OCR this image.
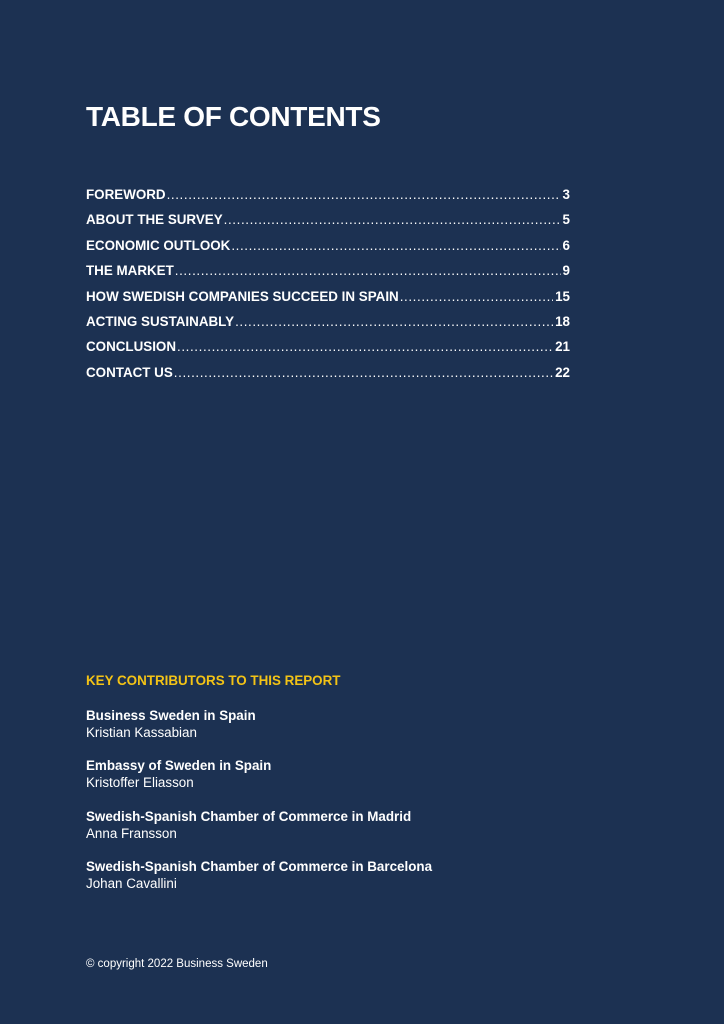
TABLE OF CONTENTS
FOREWORD .....	3
ABOUT THE SURVEY .....	5
ECONOMIC OUTLOOK .....	6
THE MARKET .....	9
HOW SWEDISH COMPANIES SUCCEED IN SPAIN .....	15
ACTING SUSTAINABLY .....	18
CONCLUSION .....	21
CONTACT US .....	22
KEY CONTRIBUTORS TO THIS REPORT
Business Sweden in Spain
Kristian Kassabian
Embassy of Sweden in Spain
Kristoffer Eliasson
Swedish-Spanish Chamber of Commerce in Madrid
Anna Fransson
Swedish-Spanish Chamber of Commerce in Barcelona
Johan Cavallini

© copyright 2022 Business Sweden
